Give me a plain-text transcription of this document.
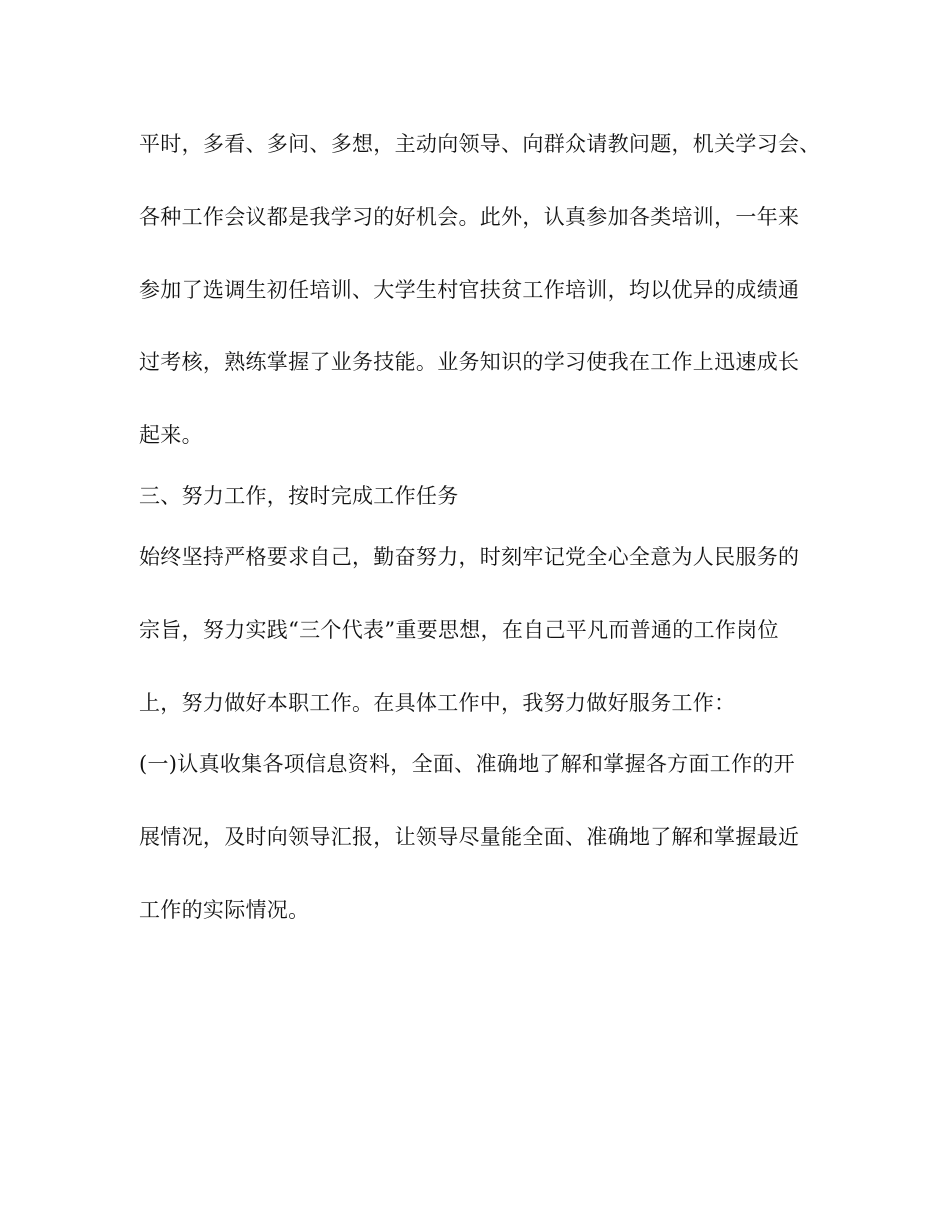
平时，多看、多问、多想，主动向领导、向群众请教问题，机关学习会、
各种工作会议都是我学习的好机会。此外，认真参加各类培训，一年来
参加了选调生初任培训、大学生村官扶贫工作培训，均以优异的成绩通
过考核，熟练掌握了业务技能。业务知识的学习使我在工作上迅速成长
起来。
三、努力工作，按时完成工作任务
始终坚持严格要求自己，勤奋努力，时刻牢记党全心全意为人民服务的
宗旨，努力实践“三个代表”重要思想，在自己平凡而普通的工作岗位
上，努力做好本职工作。在具体工作中，我努力做好服务工作：
(一)认真收集各项信息资料，全面、准确地了解和掌握各方面工作的开
展情况，及时向领导汇报，让领导尽量能全面、准确地了解和掌握最近
工作的实际情况。
